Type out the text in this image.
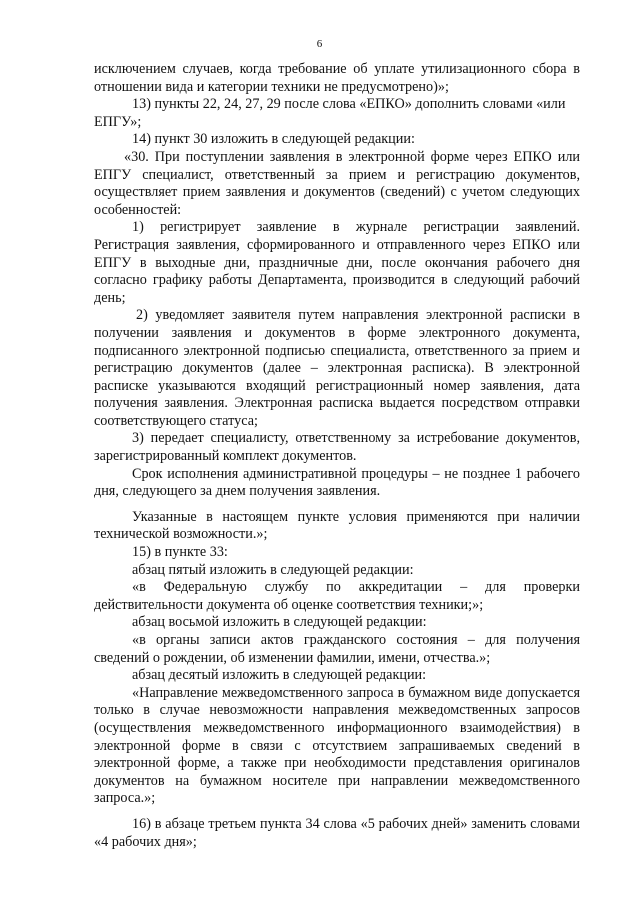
6

исключением случаев, когда требование об уплате утилизационного сбора в отношении вида и категории техники не предусмотрено)»;

13) пункты 22, 24, 27, 29 после слова «ЕПКО» дополнить словами «или ЕПГУ»;

14) пункт 30 изложить в следующей редакции:

«30. При поступлении заявления в электронной форме через ЕПКО или ЕПГУ специалист, ответственный за прием и регистрацию документов, осуществляет прием заявления и документов (сведений) с учетом следующих особенностей:

1) регистрирует заявление в журнале регистрации заявлений. Регистрация заявления, сформированного и отправленного через ЕПКО или ЕПГУ в выходные дни, праздничные дни, после окончания рабочего дня согласно графику работы Департамента, производится в следующий рабочий день;

2) уведомляет заявителя путем направления электронной расписки в получении заявления и документов в форме электронного документа, подписанного электронной подписью специалиста, ответственного за прием и регистрацию документов (далее – электронная расписка). В электронной расписке указываются входящий регистрационный номер заявления, дата получения заявления. Электронная расписка выдается посредством отправки соответствующего статуса;

3) передает специалисту, ответственному за истребование документов, зарегистрированный комплект документов.

Срок исполнения административной процедуры – не позднее 1 рабочего дня, следующего за днем получения заявления.

Указанные в настоящем пункте условия применяются при наличии технической возможности.»;

15) в пункте 33:

абзац пятый изложить в следующей редакции:

«в Федеральную службу по аккредитации – для проверки действительности документа об оценке соответствия техники;»;

абзац восьмой изложить в следующей редакции:

«в органы записи актов гражданского состояния – для получения сведений о рождении, об изменении фамилии, имени, отчества.»;

абзац десятый изложить в следующей редакции:

«Направление межведомственного запроса в бумажном виде допускается только в случае невозможности направления межведомственных запросов (осуществления межведомственного информационного взаимодействия) в электронной форме в связи с отсутствием запрашиваемых сведений в электронной форме, а также при необходимости представления оригиналов документов на бумажном носителе при направлении межведомственного запроса.»;

16) в абзаце третьем пункта 34 слова «5 рабочих дней» заменить словами «4 рабочих дня»;
